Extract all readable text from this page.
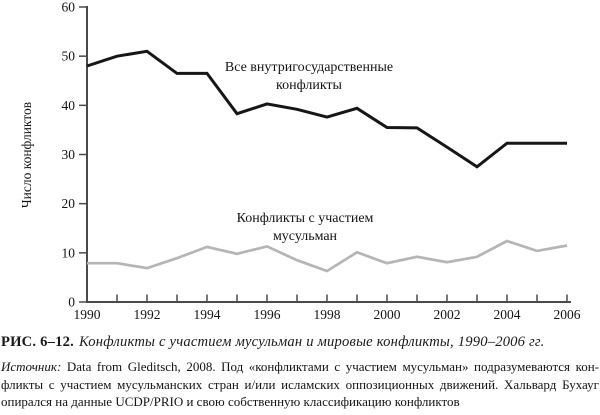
0
10
20
30
40
50
60
1990 1992 1994 1996 1998 2000 2002 2004 2006
Число конфликтов
Все внутригосударственные
конфликты
Конфликты с участием
мусульман
РИС. 6–12. Конфликты с участием мусульман и мировые конфликты, 1990–2006 гг.
Источник: Data from Gleditsch, 2008. Под «конфликтами с участием мусульман» подразумеваются кон-
фликты с участием мусульманских стран и/или исламских оппозиционных движений. Хальвард Бухауг
опирался на данные UCDP/PRIO и свою собственную классификацию конфликтов
